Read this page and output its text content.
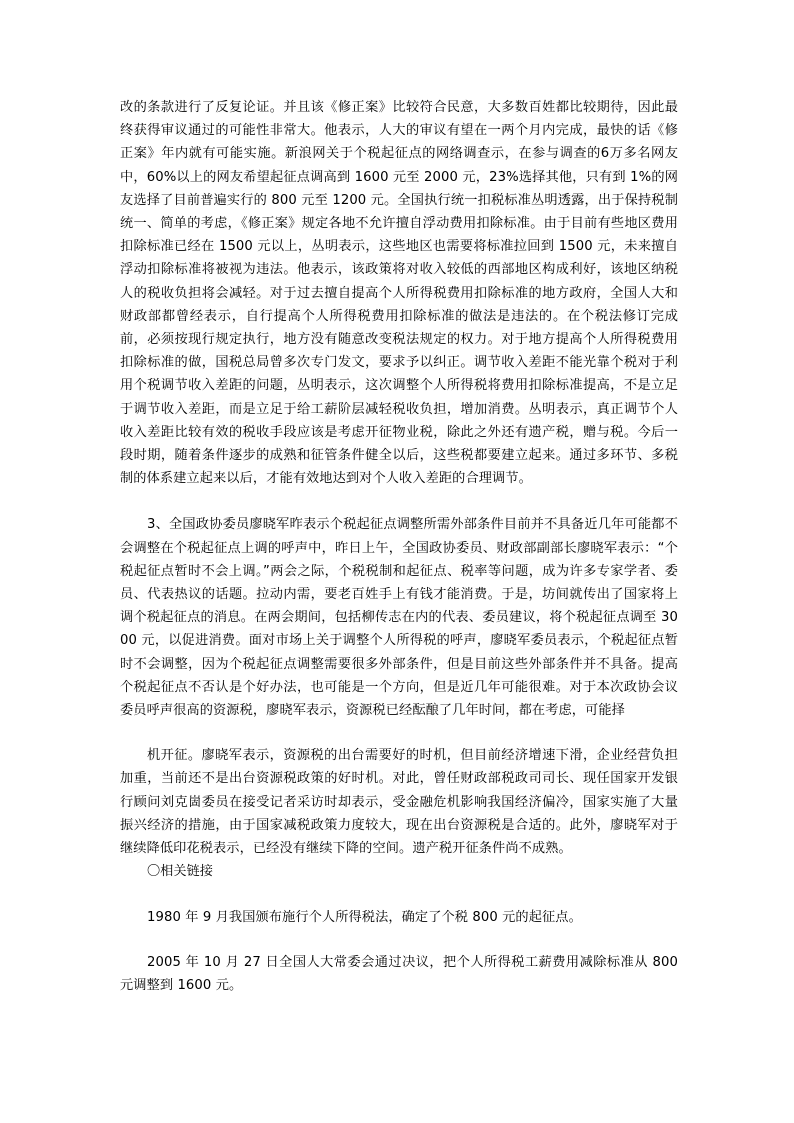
改的条款进行了反复论证。并且该《修正案》比较符合民意，大多数百姓都比较期待，因此最终获得审议通过的可能性非常大。他表示，人大的审议有望在一两个月内完成，最快的话《修正案》年内就有可能实施。新浪网关于个税起征点的网络调查示，在参与调查的6万多名网友中，60%以上的网友希望起征点调高到 1600 元至 2000 元，23%选择其他，只有到 1%的网友选择了目前普遍实行的 800 元至 1200 元。全国执行统一扣税标准丛明透露，出于保持税制统一、简单的考虑，《修正案》规定各地不允许擅自浮动费用扣除标准。由于目前有些地区费用扣除标准已经在 1500 元以上，丛明表示，这些地区也需要将标准拉回到 1500 元，未来擅自浮动扣除标准将被视为违法。他表示，该政策将对收入较低的西部地区构成利好，该地区纳税人的税收负担将会减轻。对于过去擅自提高个人所得税费用扣除标准的地方政府，全国人大和财政部都曾经表示，自行提高个人所得税费用扣除标准的做法是违法的。在个税法修订完成前，必须按现行规定执行，地方没有随意改变税法规定的权力。对于地方提高个人所得税费用扣除标准的做，国税总局曾多次专门发文，要求予以纠正。调节收入差距不能光靠个税对于利用个税调节收入差距的问题，丛明表示，这次调整个人所得税将费用扣除标准提高，不是立足于调节收入差距，而是立足于给工薪阶层减轻税收负担，增加消费。丛明表示，真正调节个人收入差距比较有效的税收手段应该是考虑开征物业税，除此之外还有遗产税，赠与税。今后一段时期，随着条件逐步的成熟和征管条件健全以后，这些税都要建立起来。通过多环节、多税制的体系建立起来以后，才能有效地达到对个人收入差距的合理调节。

3、全国政协委员廖晓军昨表示个税起征点调整所需外部条件目前并不具备近几年可能都不会调整在个税起征点上调的呼声中，昨日上午，全国政协委员、财政部副部长廖晓军表示：“个税起征点暂时不会上调。”两会之际，个税税制和起征点、税率等问题，成为许多专家学者、委员、代表热议的话题。拉动内需，要老百姓手上有钱才能消费。于是，坊间就传出了国家将上调个税起征点的消息。在两会期间，包括柳传志在内的代表、委员建议，将个税起征点调至 3000 元，以促进消费。面对市场上关于调整个人所得税的呼声，廖晓军委员表示，个税起征点暂时不会调整，因为个税起征点调整需要很多外部条件，但是目前这些外部条件并不具备。提高个税起征点不否认是个好办法，也可能是一个方向，但是近几年可能很难。对于本次政协会议委员呼声很高的资源税，廖晓军表示，资源税已经酝酿了几年时间，都在考虑，可能择

机开征。廖晓军表示，资源税的出台需要好的时机，但目前经济增速下滑，企业经营负担加重，当前还不是出台资源税政策的好时机。对此，曾任财政部税政司司长、现任国家开发银行顾问刘克崮委员在接受记者采访时却表示，受金融危机影响我国经济偏冷，国家实施了大量振兴经济的措施，由于国家减税政策力度较大，现在出台资源税是合适的。此外，廖晓军对于继续降低印花税表示，已经没有继续下降的空间。遗产税开征条件尚不成熟。

〇相关链接

1980 年 9 月我国颁布施行个人所得税法，确定了个税 800 元的起征点。

2005 年 10 月 27 日全国人大常委会通过决议，把个人所得税工薪费用减除标准从 800 元调整到 1600 元。
